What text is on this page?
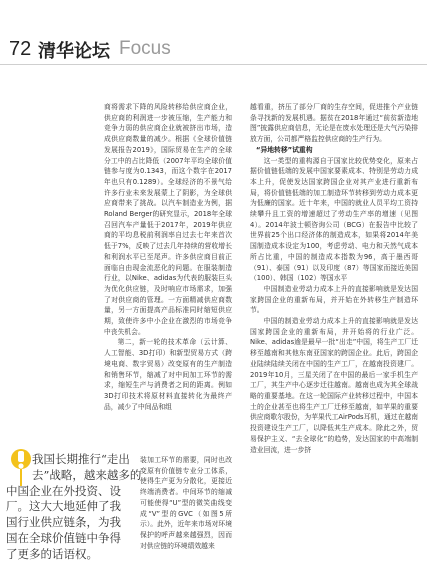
72 清华论坛 Focus

商将需求下降的风险转移给供应商企业，供应商的利润进一步被压缩，生产能力和竞争力弱的供应商企业就被挤出市场，造成供应商数量的减少。根据《全球价值链发展报告2019》，国际贸易在生产的全球分工中的占比降低（2007年平均全球价值链参与度为0.1343，而这个数字在2017年也只有0.1289）。全球经济的不景气给许多行业未来发展蒙上了阴影，为全球供应商带来了挑战。以汽车制造业为例，据Roland Berger的研究显示，2018年全球召回汽车产量低于2017年，2019年供应商的平均息税前利润率自过去七年来首次低于7%，反映了过去几年持续的营收增长和利润水平已至尾声。许多供应商目前正面临自由现金流恶化的问题。在服装制造行业，以Nike、adidas为代表的服装巨头为优化供应链，及时响应市场需求，加强了对供应商的管理。一方面精减供应商数量，另一方面提高产品标准同时缩短供应期，致使许多中小企业在激烈的市场竞争中丧失机会。

第二，新一轮的技术革命（云计算、人工智能、3D打印）和新型贸易方式（跨境电商、数字贸易）改变原有的生产制造和销售环节，缩减了对中间加工环节的需求，缩短生产与消费者之间的距离。例如3D打印技术将原材料直接转化为最终产品，减少了中间品和组

装加工环节的需要，同时也改变原有价值链专业分工体系，使得生产更为分散化，更接近终端消费者。中间环节的缩减可能使得“U”型的微笑曲线变成“V”型的GVC（如图5所示）。此外，近年来市场对环境保护的呼声越来越强烈，因而对供应链的环境绩效越来

我国长期推行“走出
去”战略，越来越多的
中国企业在外投资、设
厂。这大大地延伸了我
国行业供应链条，为我
国在全球价值链中争得
了更多的话语权。

越看重，挤压了部分厂商的生存空间，促进推个产业链条寻找新的发展机遇。据贫在2018年通过“前贫新造地图”披露供应商信息，无论是在废水处理还是大气污染排放方面，公司都严格监控供应商的生产行为。

“异地转移”试重构

这一类型的重构源自于国家比较优势变化，原来占据价值链低端的发展中国家要素成本、特别是劳动力成本上升，促使发达国家跨国企业对其产业进行重新布局，将价值链低端的加工制造环节转移到劳动力成本更为低廉的国家。近十年来，中国的就业人员平均工资持续攀升且工资的增速超过了劳动生产率的增速（见图4）。2014年波士顿咨询公司（BCG）在报告中比较了世界前25个出口经济体的制造成本，如果将2014年美国制造成本设定为100，考虑劳动、电力和天然气成本所占比重，中国的制造成本指数为96，高于墨西哥（91）、泰国（91）以及印度（87）等国家而接近美国（100）、韩国（102）等国水平

中国制造业劳动力成本上升的直接影响就是发达国家跨国企业的重新布局，并开始在外转移生产制造环节。

中国的制造业劳动力成本上升的直接影响就是发达国家跨国企业的重新布局，并开始将的行业广泛。Nike、adidas逾是最早一批“出走”中国，将生产工厂迁移至越南和其他东南亚国家的跨国企业。此后，跨国企业陆续陆续关闭在中国的生产工厂，在越南投资建厂。2019年10月，三星关闭了在中国的最后一家手机生产工厂，其生产中心逐步迁往越南。越南也成为其全球战略的重要基地。在这一轮国际产业转移过程中，中国本土的企业甚至也将生产工厂迁移至越南，如苹果的重要供应商歌尔股份，为苹果代工AirPods耳机，通过在越南投资建设生产工厂，以降低其生产成本。除此之外，贸易保护主义、“去全球化”的趋势，发达国家的中高端制造业回流，进一步挤
